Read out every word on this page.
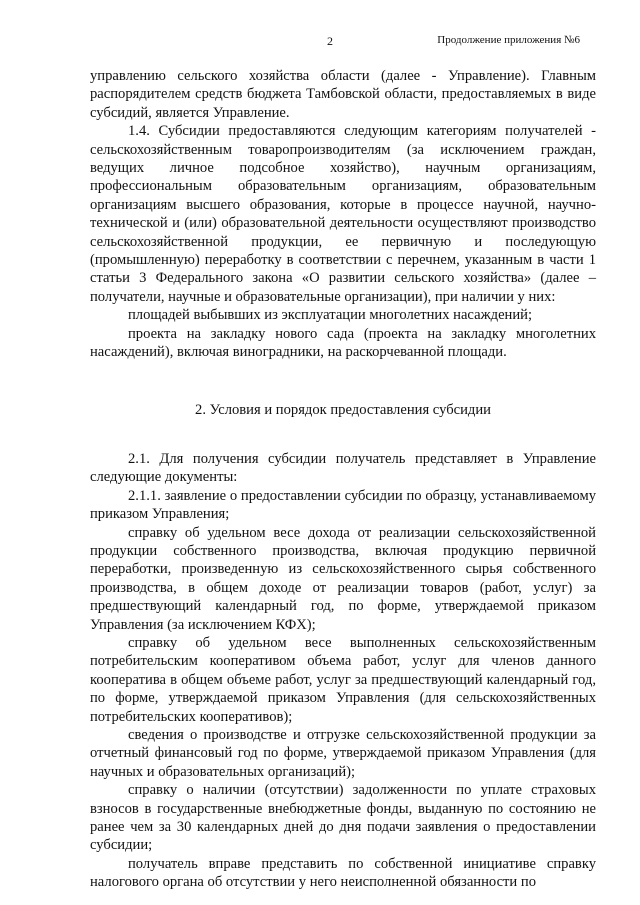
2	Продолжение приложения №6

управлению сельского хозяйства области (далее - Управление). Главным распорядителем средств бюджета Тамбовской области, предоставляемых в виде субсидий, является Управление.

1.4. Субсидии предоставляются следующим категориям получателей - сельскохозяйственным товаропроизводителям (за исключением граждан, ведущих личное подсобное хозяйство), научным организациям, профессиональным образовательным организациям, образовательным организациям высшего образования, которые в процессе научной, научно-технической и (или) образовательной деятельности осуществляют производство сельскохозяйственной продукции, ее первичную и последующую (промышленную) переработку в соответствии с перечнем, указанным в части 1 статьи 3 Федерального закона «О развитии сельского хозяйства» (далее – получатели, научные и образовательные организации), при наличии у них:

площадей выбывших из эксплуатации многолетних насаждений;

проекта на закладку нового сада (проекта на закладку многолетних насаждений), включая виноградники, на раскорчеванной площади.

2. Условия и порядок предоставления субсидии

2.1. Для получения субсидии получатель представляет в Управление следующие документы:

2.1.1. заявление о предоставлении субсидии по образцу, устанавливаемому приказом Управления;

справку об удельном весе дохода от реализации сельскохозяйственной продукции собственного производства, включая продукцию первичной переработки, произведенную из сельскохозяйственного сырья собственного производства, в общем доходе от реализации товаров (работ, услуг) за предшествующий календарный год, по форме, утверждаемой приказом Управления (за исключением КФХ);

справку об удельном весе выполненных сельскохозяйственным потребительским кооперативом объема работ, услуг для членов данного кооператива в общем объеме работ, услуг за предшествующий календарный год, по форме, утверждаемой приказом Управления (для сельскохозяйственных потребительских кооперативов);

сведения о производстве и отгрузке сельскохозяйственной продукции за отчетный финансовый год по форме, утверждаемой приказом Управления (для научных и образовательных организаций);

справку о наличии (отсутствии) задолженности по уплате страховых взносов в государственные внебюджетные фонды, выданную по состоянию не ранее чем за 30 календарных дней до дня подачи заявления о предоставлении субсидии;

получатель вправе представить по собственной инициативе справку налогового органа об отсутствии у него неисполненной обязанности по
